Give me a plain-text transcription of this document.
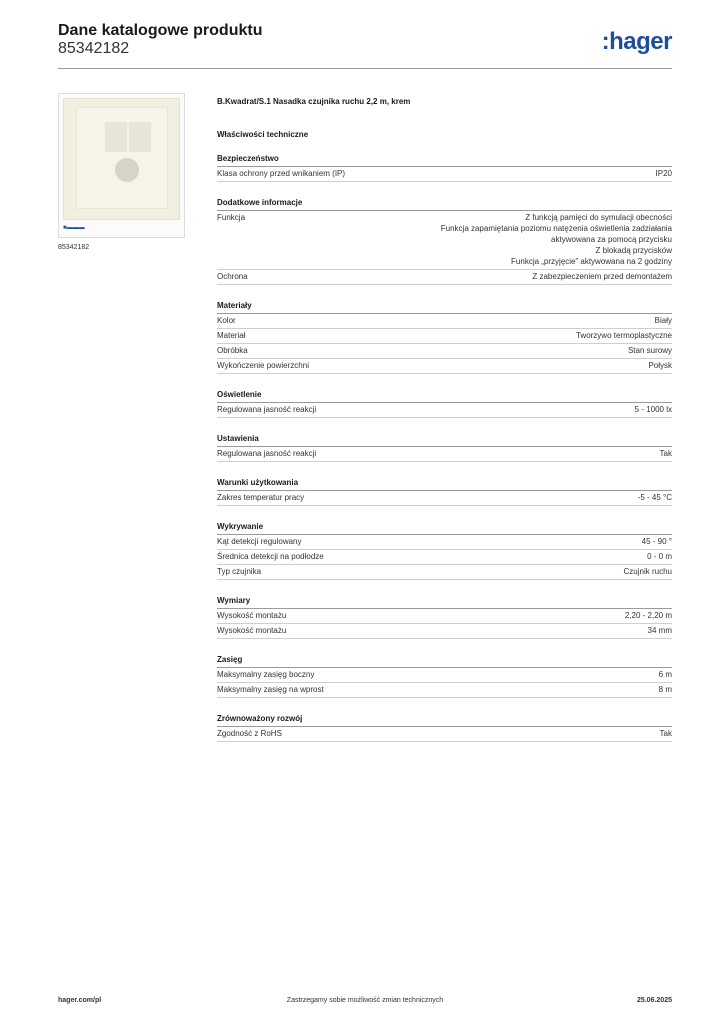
Dane katalogowe produktu
85342182	:hager
■▬▬▬
85342182
B.Kwadrat/S.1 Nasadka czujnika ruchu 2,2 m, krem
Właściwości techniczne
Bezpieczeństwo
Klasa ochrony przed wnikaniem (IP)	IP20
Dodatkowe informacje
Funkcja	Z funkcją pamięci do symulacji obecności
Funkcja zapamiętania poziomu natężenia oświetlenia zadziałania
aktywowana za pomocą przycisku
Z blokadą przycisków
Funkcja „przyjęcie” aktywowana na 2 godziny
Ochrona	Z zabezpieczeniem przed demontażem
Materiały
Kolor	Biały
Materiał	Tworzywo termoplastyczne
Obróbka	Stan surowy
Wykończenie powierzchni	Połysk
Oświetlenie
Regulowana jasność reakcji	5 - 1000 lx
Ustawienia
Regulowana jasność reakcji	Tak
Warunki użytkowania
Zakres temperatur pracy	-5 - 45 °C
Wykrywanie
Kąt detekcji regulowany	45 - 90 °
Średnica detekcji na podłodze	0 - 0 m
Typ czujnika	Czujnik ruchu
Wymiary
Wysokość montażu	2,20 - 2,20 m
Wysokość montażu	34 mm
Zasięg
Maksymalny zasięg boczny	6 m
Maksymalny zasięg na wprost	8 m
Zrównoważony rozwój
Zgodność z RoHS	Tak
hager.com/pl	Zastrzegamy sobie możliwość zmian technicznych	25.06.2025
